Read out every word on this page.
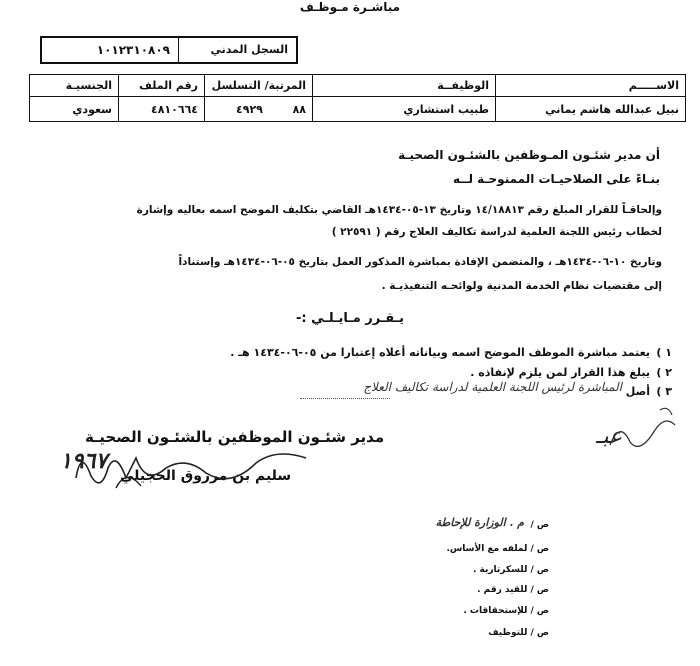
مباشـرة مـوظـف
السجل المدني
١٠١٢٣١٠٨٠٩
الاســـــم	الوظيفــة	المرتبة/ التسلسل	رقم الملف	الجنسيـة
نبيل عبدالله هاشم يماني	طبيب استشاري	٨٨  ٤٩٢٩	٤٨١٠٦٦٤	سعودي
أن مدير شئـون المـوظفين بالشئـون الصحيـة
بنـاءً على الصلاحيـات الممنوحـة لــه
وإلحاقـاً للقرار المبلغ رقم ١٤/١٨٨١٣ وتاريخ ١٣-٠٥-١٤٣٤هـ القاضي بتكليف الموضح اسمه بعاليه وإشارة
لخطاب رئيس اللجنة العلمية لدراسة تكاليف العلاج رقم ( ٢٢٥٩١ )
وتاريخ ١٠-٠٦-١٤٣٤هـ ، والمتضمن الإفادة بمباشرة المذكور العمل بتاريخ ٠٥-٠٦-١٤٣٤هـ وإستناداً
إلى مقتضيات نظام الخدمة المدنية ولوائحـه التنفيذيـة .
يـقـرر مـايـلـي :-
١ )
يعتمد مباشرة الموظف الموضح اسمه وبياناته أعلاه إعتبارا من ٠٥-٠٦-١٤٣٤ هـ .
٢ )
يبلغ هذا القرار لمن يلزم لإنفاذه .
٣ )
أصل
المباشرة لرئيس اللجنة العلمية لدراسة تكاليف العلاج
مدير شئـون الموظفين بالشئـون الصحيـة
سليم بن مرزوق الحجيلي
١٩٦٧
عبـ
ص /
م . الوزارة للإحاطة
ص / لملفه مع الأساس.
ص / للسكرتارية .
ص / للقيد رقم .
ص / للإستحقاقات .
ص / للتوظيف
